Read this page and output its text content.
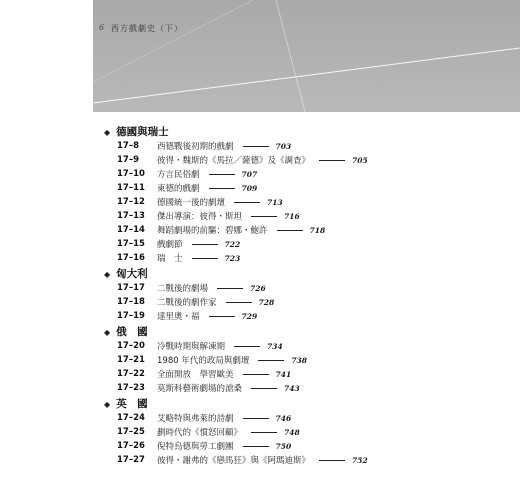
6 西方戲劇史（下）
◆ 德國與瑞士
17–8	西德戰後初期的戲劇	703
17–9	彼得・魏斯的《馬拉／薩德》及《調查》	705
17–10	方言民俗劇	707
17–11	東德的戲劇	709
17–12	德國統一後的劇壇	713
17–13	傑出導演：彼得・斯坦	716
17–14	舞蹈劇場的前驅：碧娜・鮑許	718
17–15	戲劇節	722
17–16	瑞　士	723
◆ 匈大利
17–17	二戰後的劇場	726
17–18	二戰後的劇作家	728
17–19	達里奧・福	729
◆ 俄　國
17–20	冷戰時期與解凍期	734
17–21	1980 年代的政局與劇壇	738
17–22	全面開放　學習歐美	741
17–23	莫斯科藝術劇場的滄桑	743
◆ 英　國
17–24	艾略特與弗萊的詩劇	746
17–25	劃時代的《憤怒回顧》	748
17–26	倪特烏德與勞工劇團	750
17–27	彼得・謝弗的《戀馬狂》與《阿瑪迪斯》	752
